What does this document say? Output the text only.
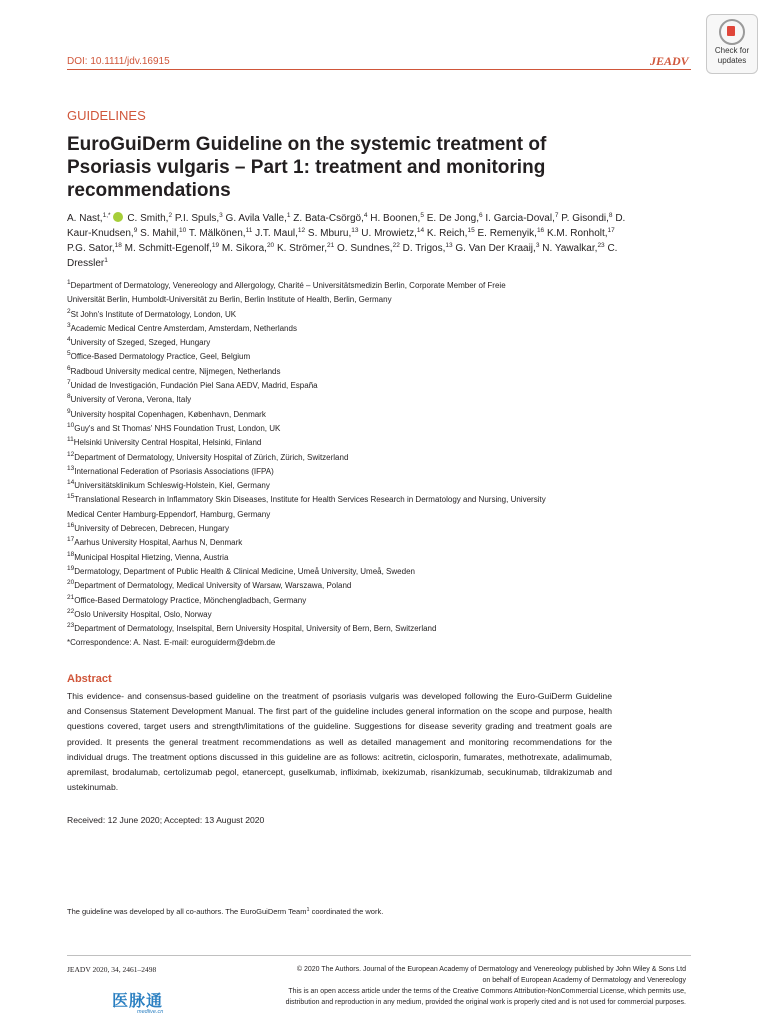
DOI: 10.1111/jdv.16915	JEADV
Check for
updates
GUIDELINES
EuroGuiDerm Guideline on the systemic treatment of Psoriasis vulgaris – Part 1: treatment and monitoring recommendations
A. Nast,$^{1,*}$ C. Smith,$^2$ P.I. Spuls,$^3$ G. Avila Valle,$^1$ Z. Bata-Csörgö,$^4$ H. Boonen,$^5$ E. De Jong,$^6$ I. Garcia-Doval,$^7$ P. Gisondi,$^8$ D. Kaur-Knudsen,$^9$ S. Mahil,$^{10}$ T. Mälkönen,$^{11}$ J.T. Maul,$^{12}$ S. Mburu,$^{13}$ U. Mrowietz,$^{14}$ K. Reich,$^{15}$ E. Remenyik,$^{16}$ K.M. Ronholt,$^{17}$ P.G. Sator,$^{18}$ M. Schmitt-Egenolf,$^{19}$ M. Sikora,$^{20}$ K. Strömer,$^{21}$ O. Sundnes,$^{22}$ D. Trigos,$^{13}$ G. Van Der Kraaij,$^3$ N. Yawalkar,$^{23}$ C. Dressler$^1$
$^1$Department of Dermatology, Venereology and Allergology, Charité – Universitätsmedizin Berlin, Corporate Member of Freie
Universität Berlin, Humboldt-Universität zu Berlin, Berlin Institute of Health, Berlin, Germany
$^2$St John's Institute of Dermatology, London, UK
$^3$Academic Medical Centre Amsterdam, Amsterdam, Netherlands
$^4$University of Szeged, Szeged, Hungary
$^5$Office-Based Dermatology Practice, Geel, Belgium
$^6$Radboud University medical centre, Nijmegen, Netherlands
$^7$Unidad de Investigación, Fundación Piel Sana AEDV, Madrid, España
$^8$University of Verona, Verona, Italy
$^9$University hospital Copenhagen, København, Denmark
$^{10}$Guy's and St Thomas' NHS Foundation Trust, London, UK
$^{11}$Helsinki University Central Hospital, Helsinki, Finland
$^{12}$Department of Dermatology, University Hospital of Zürich, Zürich, Switzerland
$^{13}$International Federation of Psoriasis Associations (IFPA)
$^{14}$Universitätsklinikum Schleswig-Holstein, Kiel, Germany
$^{15}$Translational Research in Inflammatory Skin Diseases, Institute for Health Services Research in Dermatology and Nursing, University
Medical Center Hamburg-Eppendorf, Hamburg, Germany
$^{16}$University of Debrecen, Debrecen, Hungary
$^{17}$Aarhus University Hospital, Aarhus N, Denmark
$^{18}$Municipal Hospital Hietzing, Vienna, Austria
$^{19}$Dermatology, Department of Public Health & Clinical Medicine, Umeå University, Umeå, Sweden
$^{20}$Department of Dermatology, Medical University of Warsaw, Warszawa, Poland
$^{21}$Office-Based Dermatology Practice, Mönchengladbach, Germany
$^{22}$Oslo University Hospital, Oslo, Norway
$^{23}$Department of Dermatology, Inselspital, Bern University Hospital, University of Bern, Bern, Switzerland
*Correspondence: A. Nast. E-mail: euroguiderm@debm.de
Abstract
This evidence- and consensus-based guideline on the treatment of psoriasis vulgaris was developed following the Euro-GuiDerm Guideline and Consensus Statement Development Manual. The first part of the guideline includes general information on the scope and purpose, health questions covered, target users and strength/limitations of the guideline. Suggestions for disease severity grading and treatment goals are provided. It presents the general treatment recommendations as well as detailed management and monitoring recommendations for the individual drugs. The treatment options discussed in this guideline are as follows: acitretin, ciclosporin, fumarates, methotrexate, adalimumab, apremilast, brodalumab, certolizumab pegol, etanercept, guselkumab, infliximab, ixekizumab, risankizumab, secukinumab, tildrakizumab and ustekinumab.
Received: 12 June 2020; Accepted: 13 August 2020
The guideline was developed by all co-authors. The EuroGuiDerm Team$^1$ coordinated the work.
JEADV 2020, 34, 2461–2498	© 2020 The Authors. Journal of the European Academy of Dermatology and Venereology published by John Wiley & Sons Ltd
on behalf of European Academy of Dermatology and Venereology
This is an open access article under the terms of the Creative Commons Attribution-NonCommercial License, which permits use,
distribution and reproduction in any medium, provided the original work is properly cited and is not used for commercial purposes.
医脉通
medlive.cn
